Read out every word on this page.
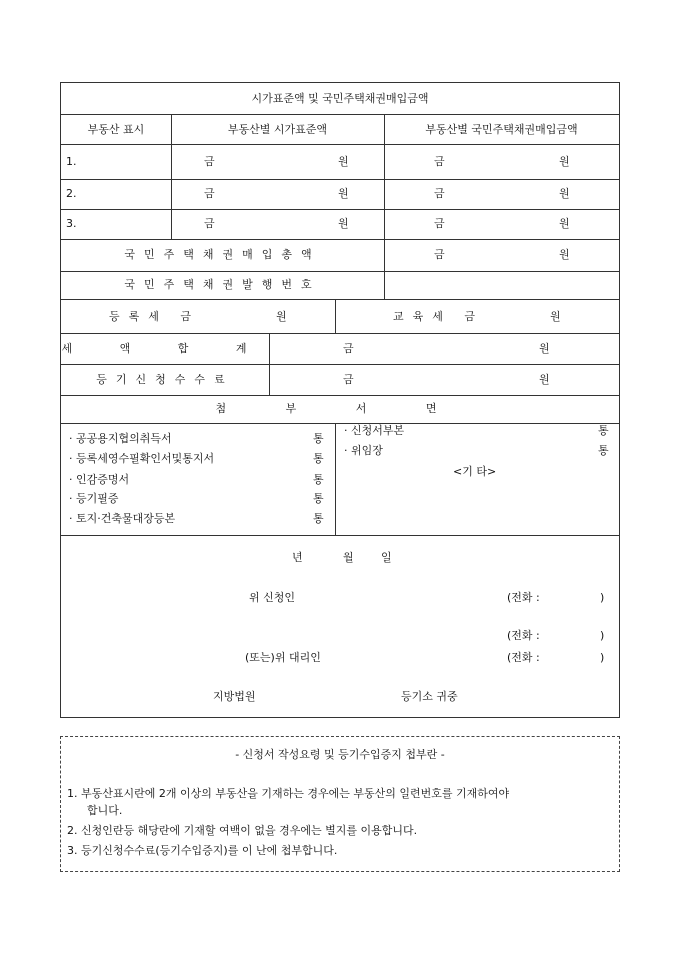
시가표준액 및 국민주택채권매입금액
부동산 표시	부동산별 시가표준액	부동산별 국민주택채권매입금액
1.	금	원	금	원
2.	금	원	금	원
3.	금	원	금	원
국민주택채권매입총액	금	원
국민주택채권발행번호
등록세 금	원	교육세 금	원
세 액 합 계	금	원
등기신청수수료	금	원
첨 부 서 면
· 공공용지협의취득서	통
· 등록세영수필확인서및통지서	통
· 인감증명서	통
· 등기필증	통
· 토지·건축물대장등본	통
· 신청서부본	통
· 위임장	통
<기 타>
년	월 일
위 신청인	(전화 :	)
(전화 :	)
(또는)위 대리인	(전화 :	)
지방법원	등기소 귀중
- 신청서 작성요령 및 등기수입증지 첩부란 -
1. 부동산표시란에 2개 이상의 부동산을 기재하는 경우에는 부동산의 일련번호를 기재하여야
합니다.
2. 신청인란등 해당란에 기재할 여백이 없을 경우에는 별지를 이용합니다.
3. 등기신청수수료(등기수입증지)를 이 난에 첩부합니다.
